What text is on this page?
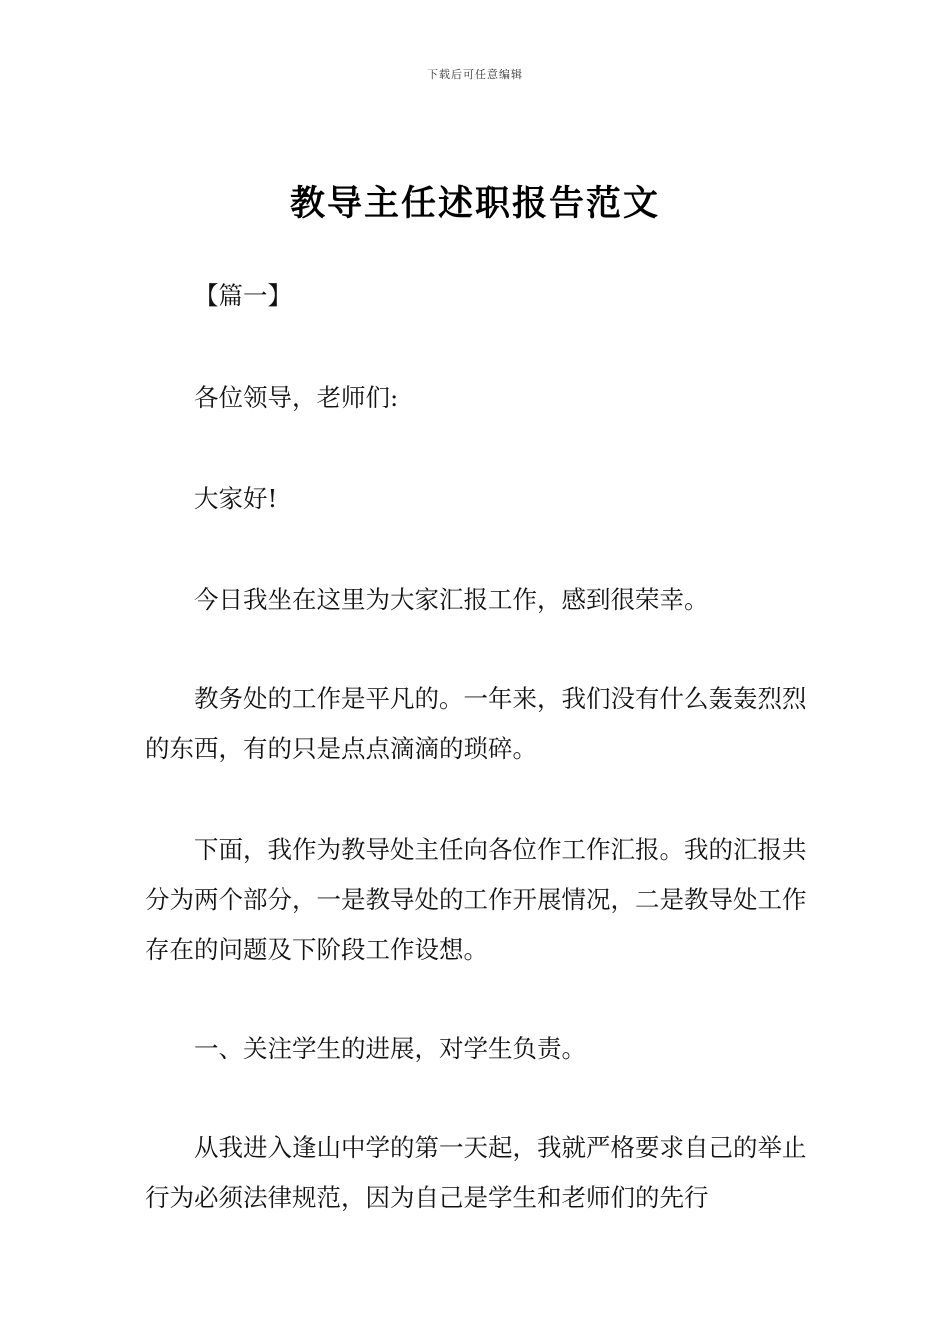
下载后可任意编辑
教导主任述职报告范文

【篇一】

各位领导，老师们:

大家好!

今日我坐在这里为大家汇报工作，感到很荣幸。

教务处的工作是平凡的。一年来，我们没有什么轰轰烈烈的东西，有的只是点点滴滴的琐碎。

下面，我作为教导处主任向各位作工作汇报。我的汇报共分为两个部分，一是教导处的工作开展情况，二是教导处工作存在的问题及下阶段工作设想。

一、关注学生的进展，对学生负责。

从我进入逢山中学的第一天起，我就严格要求自己的举止行为必须法律规范，因为自己是学生和老师们的先行
